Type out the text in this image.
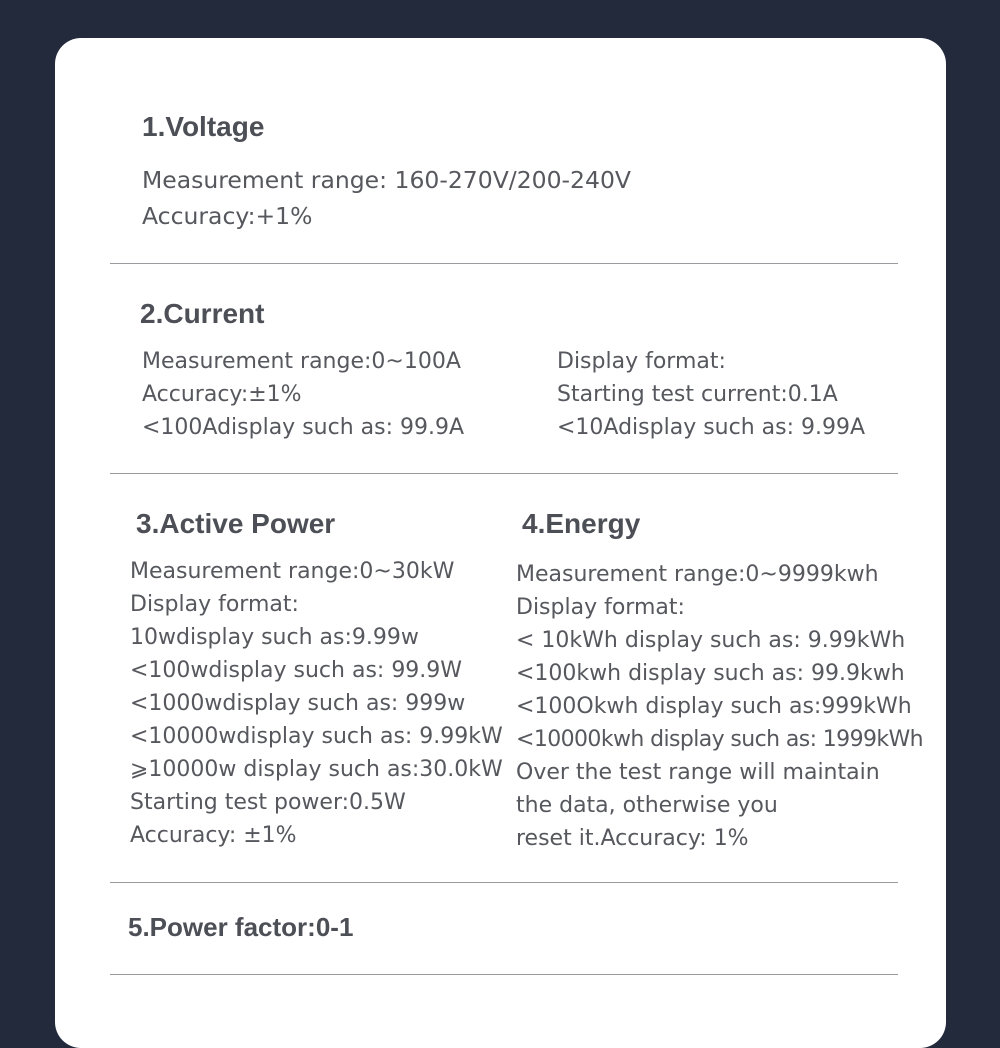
1.Voltage
Measurement range: 160-270V/200-240V
Accuracy:+1%
2.Current
Measurement range:0~100A
Accuracy:±1%
<100Adisplay such as: 99.9A
Display format:
Starting test current:0.1A
<10Adisplay such as: 9.99A
3.Active Power
Measurement range:0~30kW
Display format:
10wdisplay such as:9.99w
<100wdisplay such as: 99.9W
<1000wdisplay such as: 999w
<10000wdisplay such as: 9.99kW
⩾10000w display such as:30.0kW
Starting test power:0.5W
Accuracy: ±1%
4.Energy
Measurement range:0~9999kwh
Display format:
< 10kWh display such as: 9.99kWh
<100kwh display such as: 99.9kwh
<100Okwh display such as:999kWh
<10000kwh display such as: 1999kWh
Over the test range will maintain
the data, otherwise you
reset it.Accuracy: 1%
5.Power factor:0-1
